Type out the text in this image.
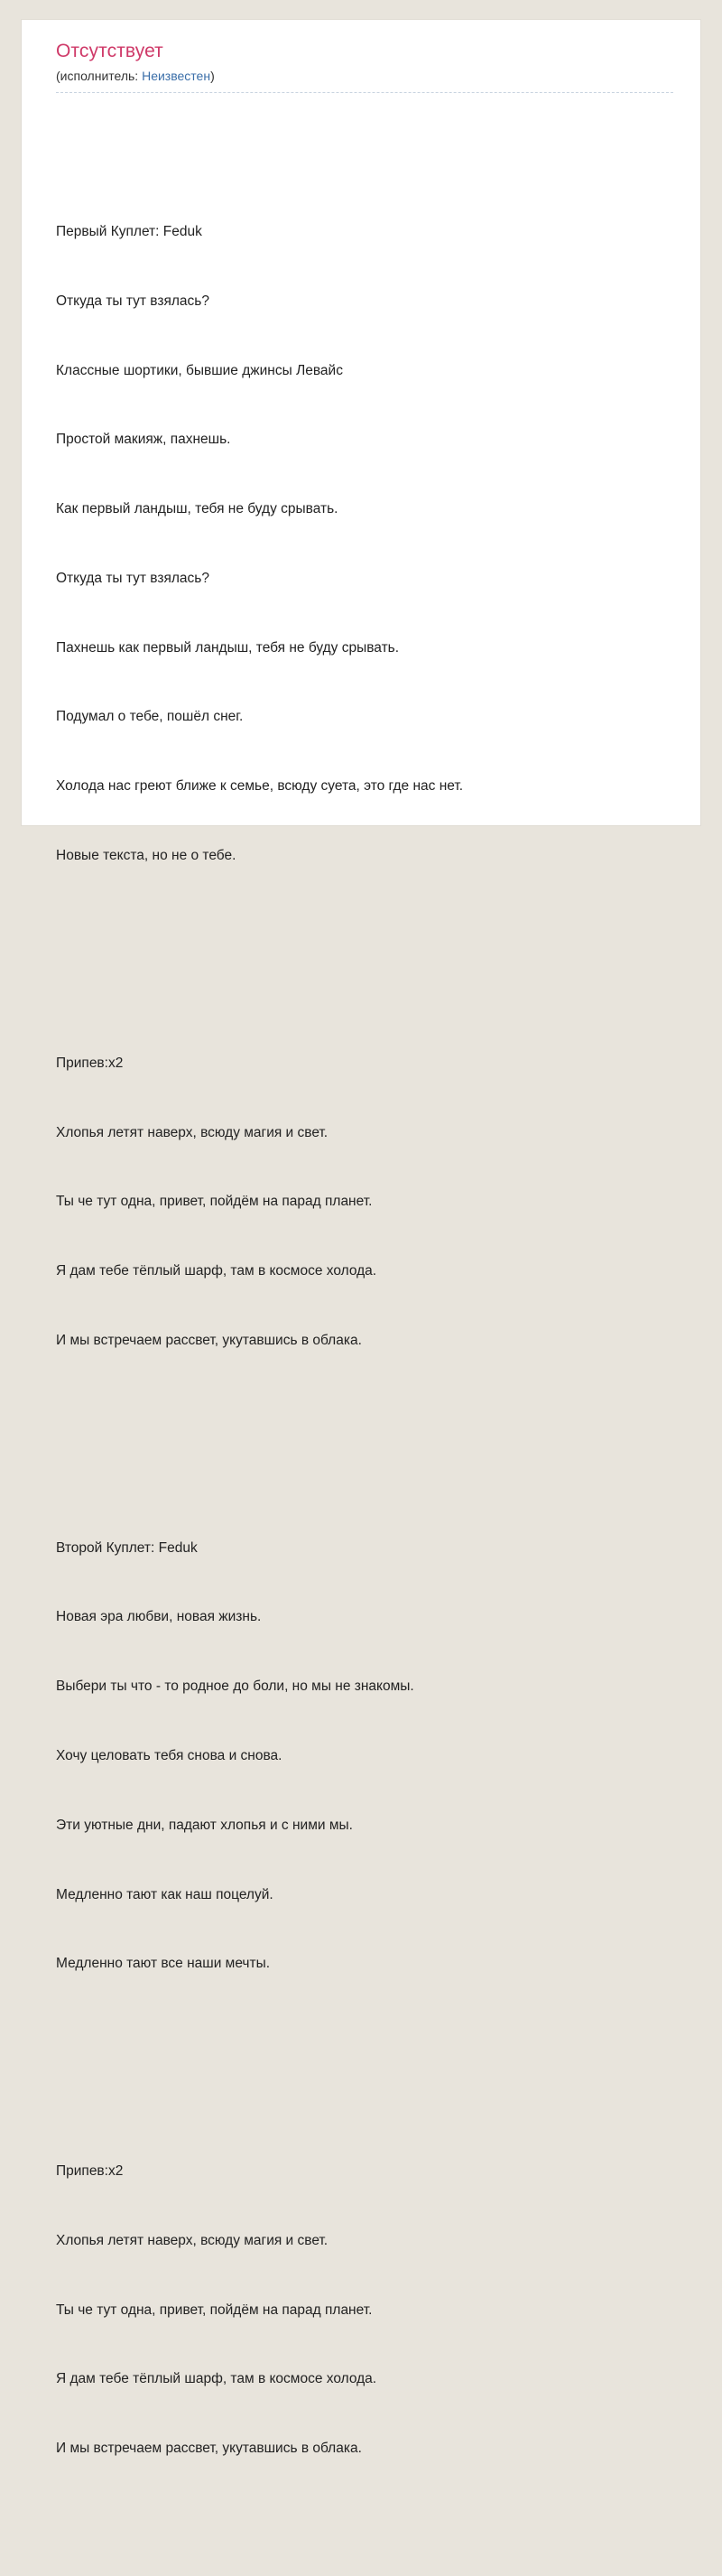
Отсутствует
(исполнитель: Неизвестен)

Первый Куплет: Feduk

Откуда ты тут взялась?

Классные шортики, бывшие джинсы Левайс

Простой макияж, пахнешь.

Как первый ландыш, тебя не буду срывать.

Откуда ты тут взялась?

Пахнешь как первый ландыш, тебя не буду срывать.

Подумал о тебе, пошёл снег.

Холода нас греют ближе к семье, всюду суета, это где нас нет.

Новые текста, но не о тебе.

Припев:х2

Хлопья летят наверх, всюду магия и свет.

Ты че тут одна, привет, пойдём на парад планет.

Я дам тебе тёплый шарф, там в космосе холода.

И мы встречаем рассвет, укутавшись в облака.

Второй Куплет: Feduk

Новая эра любви, новая жизнь.

Выбери ты что - то родное до боли, но мы не знакомы.

Хочу целовать тебя снова и снова.

Эти уютные дни, падают хлопья и с ними мы.

Медленно тают как наш поцелуй.

Медленно тают все наши мечты.

Припев:х2

Хлопья летят наверх, всюду магия и свет.

Ты че тут одна, привет, пойдём на парад планет.

Я дам тебе тёплый шарф, там в космосе холода.

И мы встречаем рассвет, укутавшись в облака.
